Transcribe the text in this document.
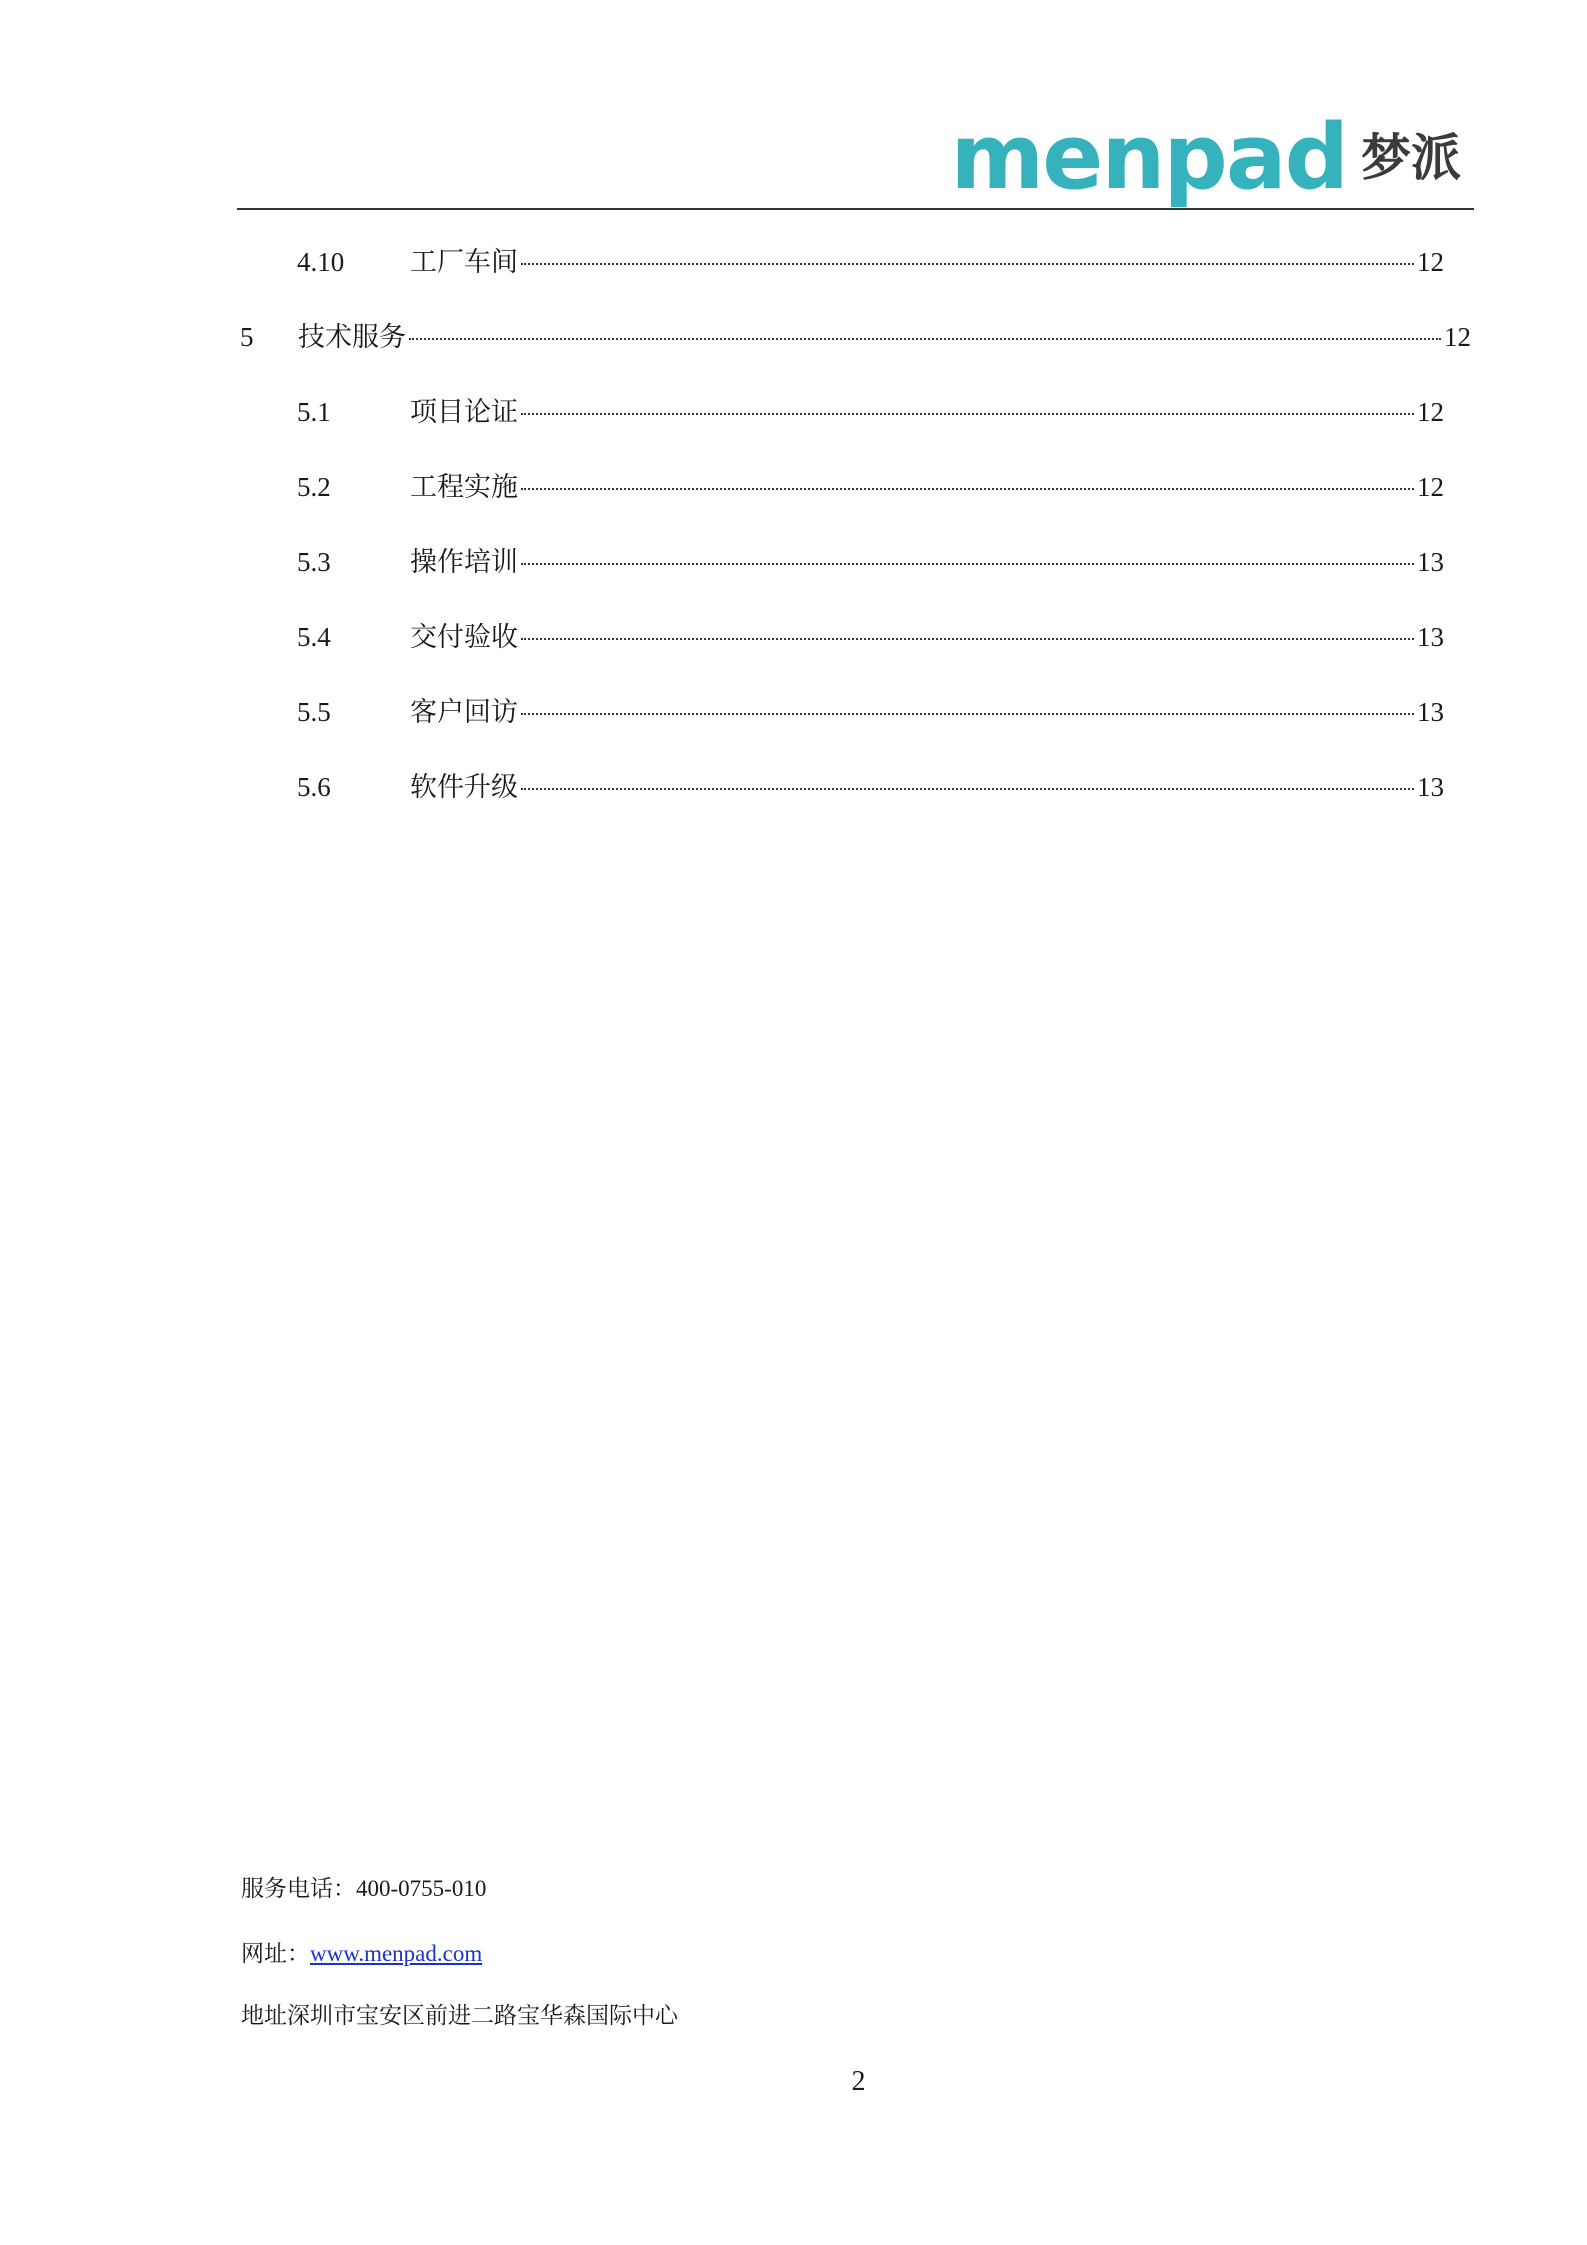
menpad 梦派
4.10	工厂车间	12
5	技术服务	12
5.1	项目论证	12
5.2	工程实施	12
5.3	操作培训	13
5.4	交付验收	13
5.5	客户回访	13
5.6	软件升级	13
服务电话：400-0755-010
网址：www.menpad.com
地址深圳市宝安区前进二路宝华森国际中心
2
